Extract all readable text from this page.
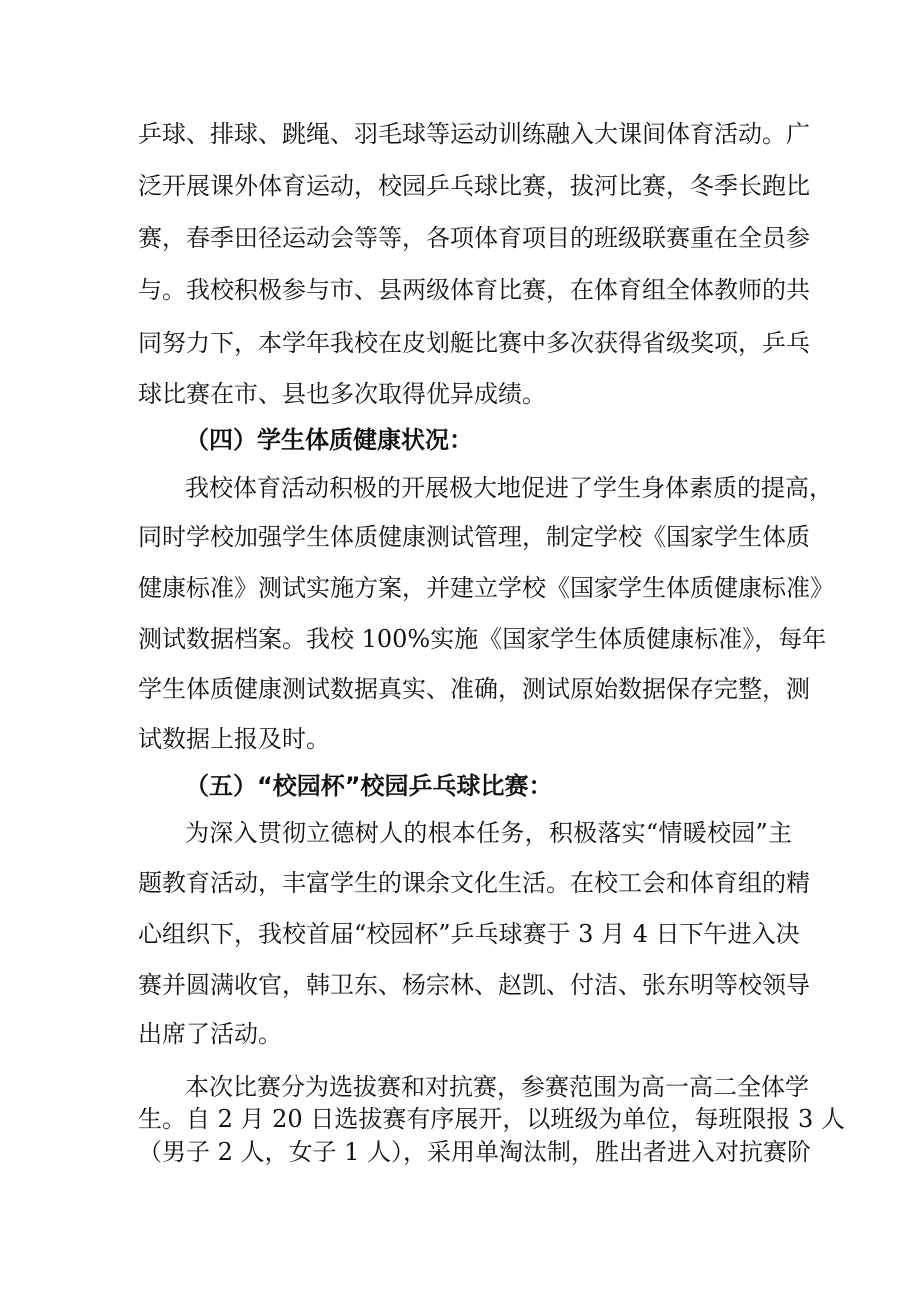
乒球、排球、跳绳、羽毛球等运动训练融入大课间体育活动。广
泛开展课外体育运动，校园乒乓球比赛，拔河比赛，冬季长跑比
赛，春季田径运动会等等，各项体育项目的班级联赛重在全员参
与。我校积极参与市、县两级体育比赛，在体育组全体教师的共
同努力下，本学年我校在皮划艇比赛中多次获得省级奖项，乒乓
球比赛在市、县也多次取得优异成绩。
（四）学生体质健康状况：
我校体育活动积极的开展极大地促进了学生身体素质的提高，
同时学校加强学生体质健康测试管理，制定学校《国家学生体质
健康标准》测试实施方案，并建立学校《国家学生体质健康标准》
测试数据档案。我校 100%实施《国家学生体质健康标准》，每年
学生体质健康测试数据真实、准确，测试原始数据保存完整，测
试数据上报及时。
（五）“校园杯”校园乒乓球比赛：
为深入贯彻立德树人的根本任务，积极落实“情暖校园”主
题教育活动，丰富学生的课余文化生活。在校工会和体育组的精
心组织下，我校首届“校园杯”乒乓球赛于 3 月 4 日下午进入决
赛并圆满收官，韩卫东、杨宗林、赵凯、付洁、张东明等校领导
出席了活动。
本次比赛分为选拔赛和对抗赛，参赛范围为高一高二全体学
生。自 2 月 20 日选拔赛有序展开，以班级为单位，每班限报 3 人
（男子 2 人，女子 1 人），采用单淘汰制，胜出者进入对抗赛阶
